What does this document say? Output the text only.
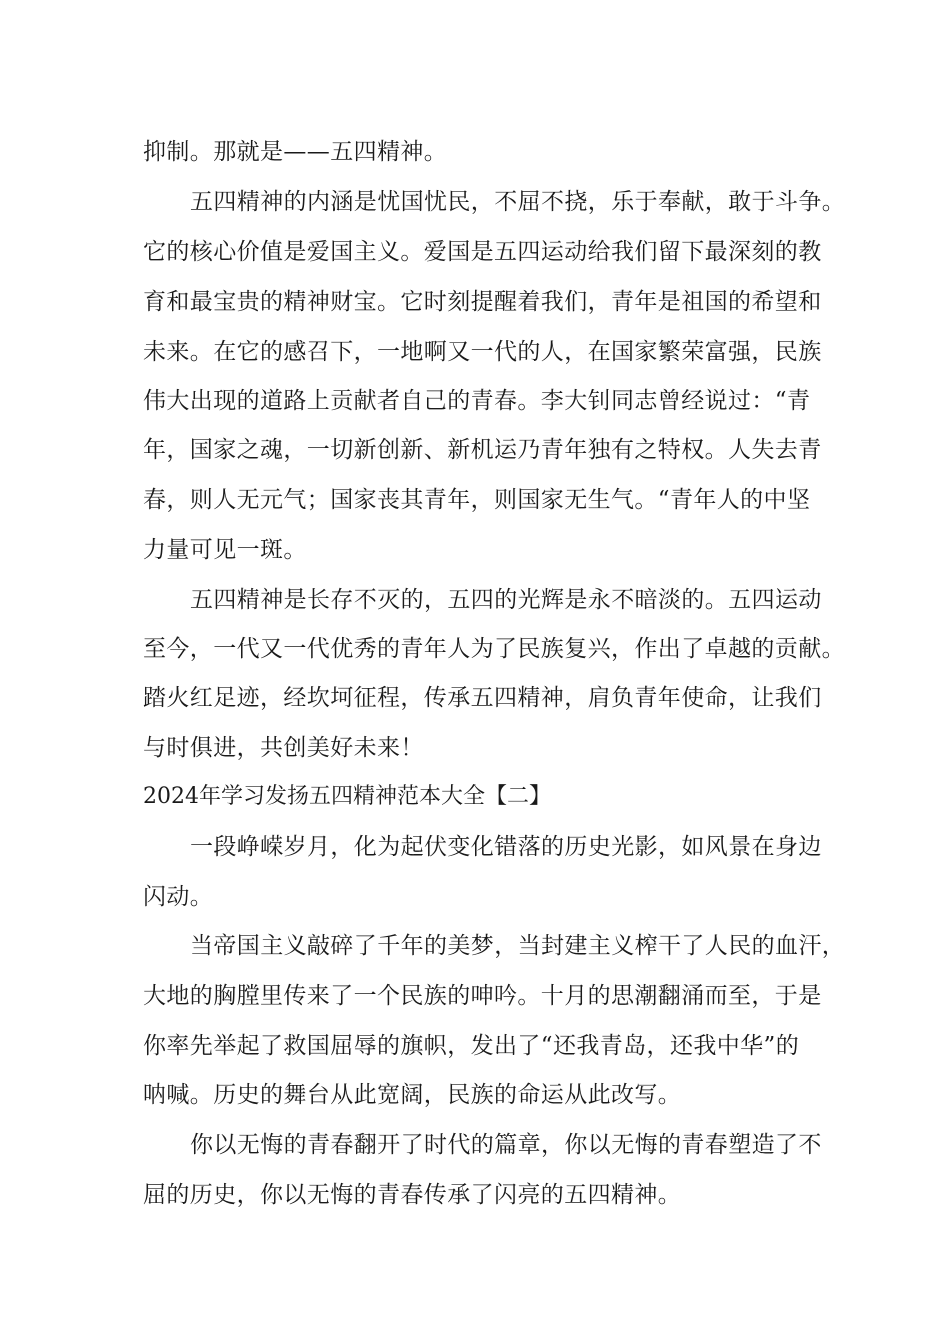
抑制。那就是——五四精神。
五四精神的内涵是忧国忧民，不屈不挠，乐于奉献，敢于斗争。
它的核心价值是爱国主义。爱国是五四运动给我们留下最深刻的教
育和最宝贵的精神财宝。它时刻提醒着我们，青年是祖国的希望和
未来。在它的感召下，一地啊又一代的人，在国家繁荣富强，民族
伟大出现的道路上贡献者自己的青春。李大钊同志曾经说过：“青
年，国家之魂，一切新创新、新机运乃青年独有之特权。人失去青
春，则人无元气；国家丧其青年，则国家无生气。“青年人的中坚
力量可见一斑。
五四精神是长存不灭的，五四的光辉是永不暗淡的。五四运动
至今，一代又一代优秀的青年人为了民族复兴，作出了卓越的贡献。
踏火红足迹，经坎坷征程，传承五四精神，肩负青年使命，让我们
与时俱进，共创美好未来！
2024年学习发扬五四精神范本大全【二】
一段峥嵘岁月，化为起伏变化错落的历史光影，如风景在身边
闪动。
当帝国主义敲碎了千年的美梦，当封建主义榨干了人民的血汗，
大地的胸膛里传来了一个民族的呻吟。十月的思潮翻涌而至，于是
你率先举起了救国屈辱的旗帜，发出了“还我青岛，还我中华”的
呐喊。历史的舞台从此宽阔，民族的命运从此改写。
你以无悔的青春翻开了时代的篇章，你以无悔的青春塑造了不
屈的历史，你以无悔的青春传承了闪亮的五四精神。
